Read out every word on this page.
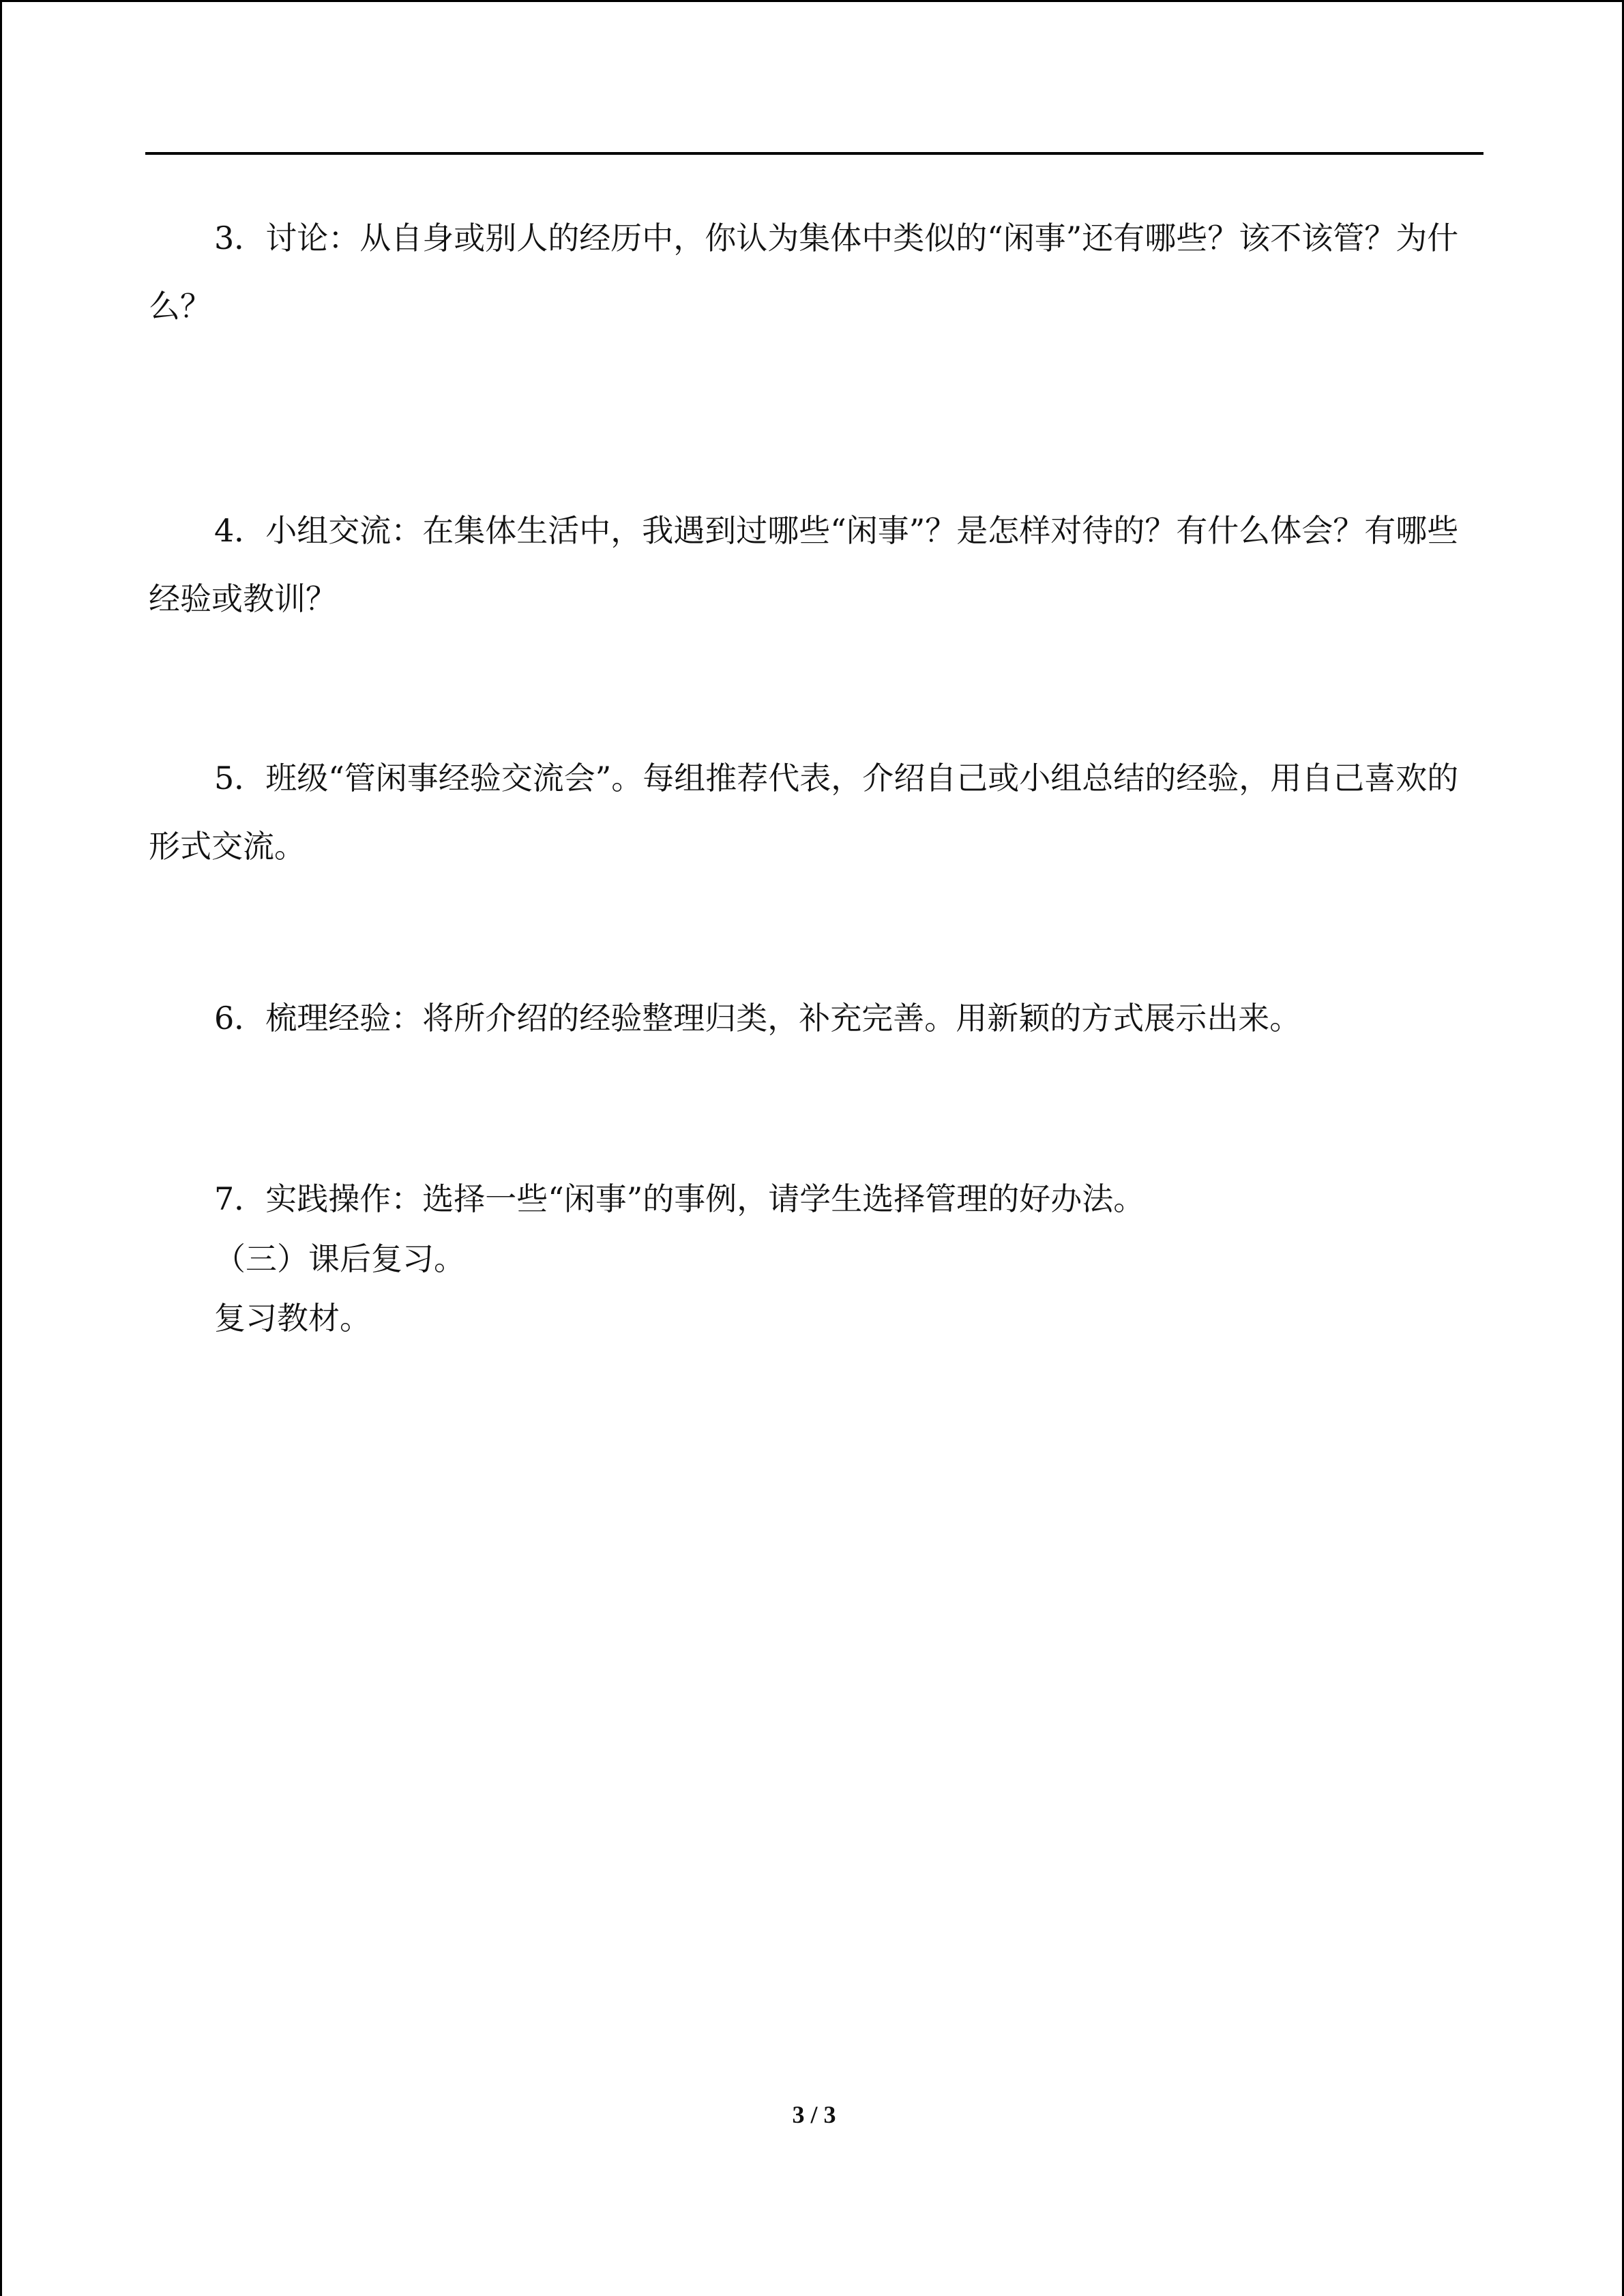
3．讨论：从自身或别人的经历中，你认为集体中类似的“闲事”还有哪些？该不该管？为什么？

4．小组交流：在集体生活中，我遇到过哪些“闲事”？是怎样对待的？有什么体会？有哪些经验或教训？

5．班级“管闲事经验交流会”。每组推荐代表，介绍自己或小组总结的经验，用自己喜欢的形式交流。

6．梳理经验：将所介绍的经验整理归类，补充完善。用新颖的方式展示出来。

7．实践操作：选择一些“闲事”的事例，请学生选择管理的好办法。

（三）课后复习。

复习教材。

3 / 3
